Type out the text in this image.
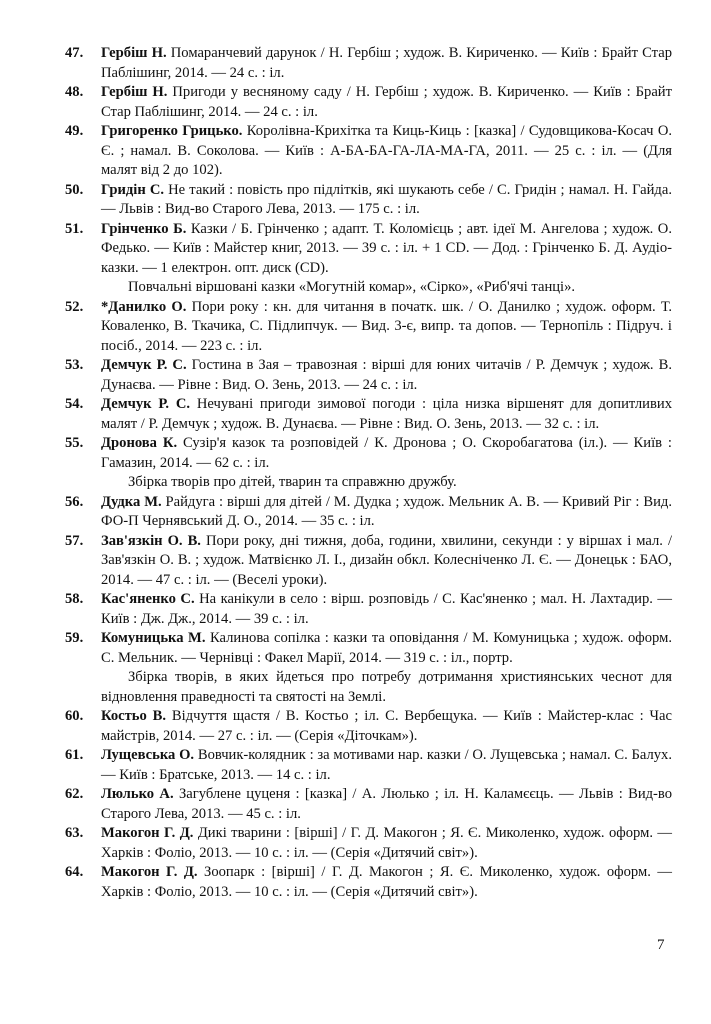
47. Гербіш Н. Помаранчевий дарунок / Н. Гербіш ; худож. В. Кириченко. — Київ : Брайт Стар Паблішинг, 2014. — 24 с. : іл.
48. Гербіш Н. Пригоди у весняному саду / Н. Гербіш ; худож. В. Кириченко. — Київ : Брайт Стар Паблішинг, 2014. — 24 с. : іл.
49. Григоренко Грицько. Королівна-Крихітка та Киць-Киць : [казка] / Судовщикова-Косач О. Є. ; намал. В. Соколова. — Київ : А-БА-БА-ГА-ЛА-МА-ГА, 2011. — 25 с. : іл. — (Для малят від 2 до 102).
50. Гридін С. Не такий : повість про підлітків, які шукають себе / С. Гридін ; намал. Н. Гайда. — Львів : Вид-во Старого Лева, 2013. — 175 с. : іл.
51. Грінченко Б. Казки / Б. Грінченко ; адапт. Т. Коломієць ; авт. ідеї М. Ангелова ; худож. О. Федько. — Київ : Майстер книг, 2013. — 39 с. : іл. + 1 CD. — Дод. : Грінченко Б. Д. Аудіо-казки. — 1 електрон. опт. диск (CD).
Повчальні віршовані казки «Могутній комар», «Сірко», «Риб'ячі танці».
52. *Данилко О. Пори року : кн. для читання в початк. шк. / О. Данилко ; худож. оформ. Т. Коваленко, В. Ткачика, С. Підлипчук. — Вид. 3-є, випр. та допов. — Тернопіль : Підруч. і посіб., 2014. — 223 с. : іл.
53. Демчук Р. С. Гостина в Зая – травозная : вірші для юних читачів / Р. Демчук ; худож. В. Дунаєва. — Рівне : Вид. О. Зень, 2013. — 24 с. : іл.
54. Демчук Р. С. Нечувані пригоди зимової погоди : ціла низка віршенят для допитливих малят / Р. Демчук ; худож. В. Дунаєва. — Рівне : Вид. О. Зень, 2013. — 32 с. : іл.
55. Дронова К. Сузір'я казок та розповідей / К. Дронова ; О. Скоробагатова (іл.). — Київ : Гамазин, 2014. — 62 с. : іл.
Збірка творів про дітей, тварин та справжню дружбу.
56. Дудка М. Райдуга : вірші для дітей / М. Дудка ; худож. Мельник А. В. — Кривий Ріг : Вид. ФО-П Чернявський Д. О., 2014. — 35 с. : іл.
57. Зав'язкін О. В. Пори року, дні тижня, доба, години, хвилини, секунди : у віршах і мал. / Зав'язкін О. В. ; худож. Матвієнко Л. І., дизайн обкл. Колесніченко Л. Є. — Донецьк : БАО, 2014. — 47 с. : іл. — (Веселі уроки).
58. Кас'яненко С. На канікули в село : вірш. розповідь / С. Кас'яненко ; мал. Н. Лахтадир. — Київ : Дж. Дж., 2014. — 39 с. : іл.
59. Комуницька М. Калинова сопілка : казки та оповідання / М. Комуницька ; худож. оформ. С. Мельник. — Чернівці : Факел Марії, 2014. — 319 с. : іл., портр.
Збірка творів, в яких йдеться про потребу дотримання християнських чеснот для відновлення праведності та святості на Землі.
60. Костьо В. Відчуття щастя / В. Костьо ; іл. С. Вербещука. — Київ : Майстер-клас : Час майстрів, 2014. — 27 с. : іл. — (Серія «Діточкам»).
61. Лущевська О. Вовчик-колядник : за мотивами нар. казки / О. Лущевська ; намал. С. Балух. — Київ : Братське, 2013. — 14 с. : іл.
62. Люлько А. Загублене цуценя : [казка] / А. Люлько ; іл. Н. Каламєєць. — Львів : Вид-во Старого Лева, 2013. — 45 с. : іл.
63. Макогон Г. Д. Дикі тварини : [вірші] / Г. Д. Макогон ; Я. Є. Миколенко, худож. оформ. — Харків : Фоліо, 2013. — 10 с. : іл. — (Серія «Дитячий світ»).
64. Макогон Г. Д. Зоопарк : [вірші] / Г. Д. Макогон ; Я. Є. Миколенко, худож. оформ. — Харків : Фоліо, 2013. — 10 с. : іл. — (Серія «Дитячий світ»).
7
